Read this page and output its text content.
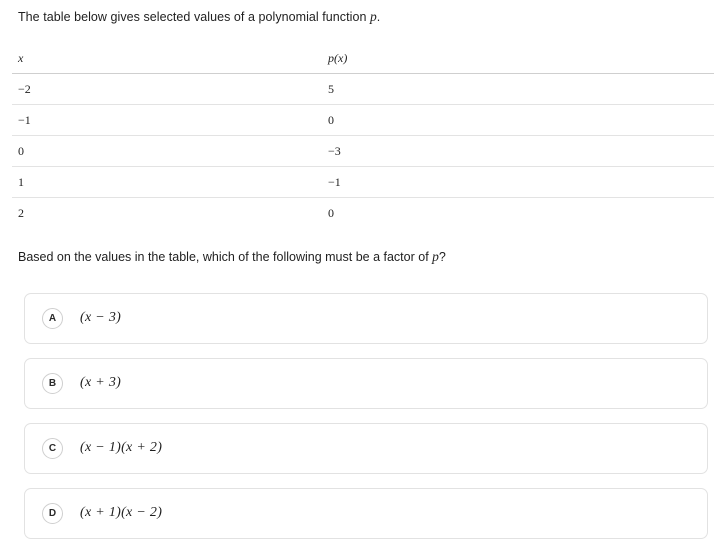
The table below gives selected values of a polynomial function p.
x	p(x)
−2	5
−1	0
0	−3
1	−1
2	0
Based on the values in the table, which of the following must be a factor of p?
A	(x − 3)
B	(x + 3)
C	(x − 1)(x + 2)
D	(x + 1)(x − 2)
